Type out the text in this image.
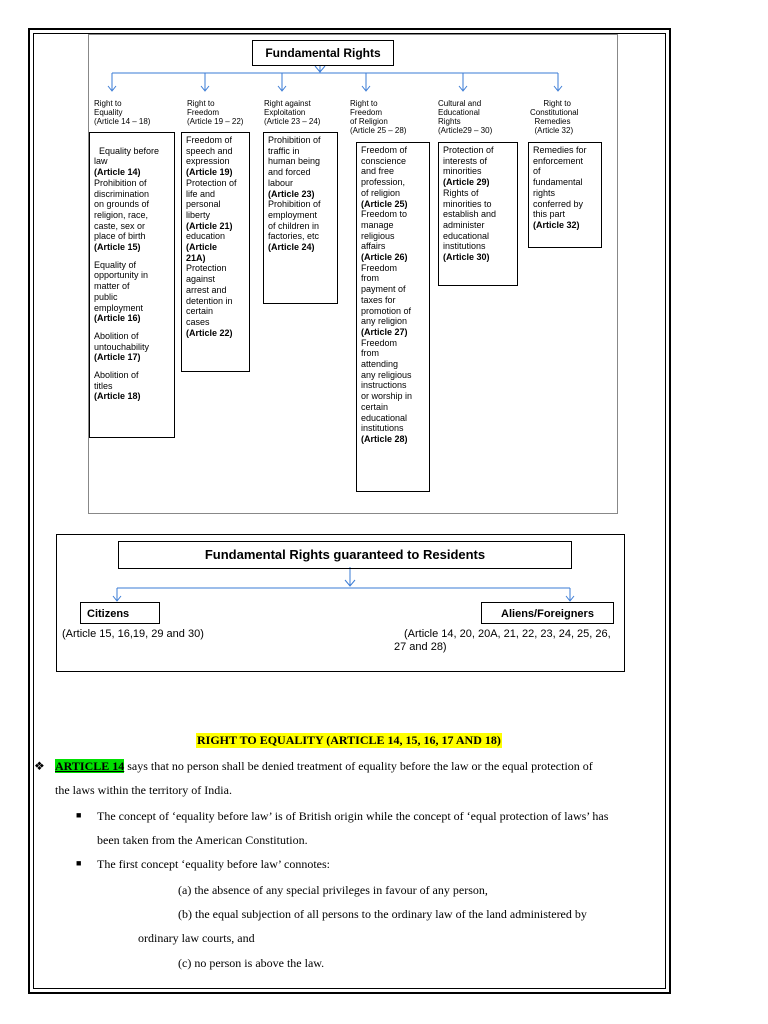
Fundamental Rights
Right to
Equality
(Article 14 – 18)
Right to
Freedom
(Article 19 – 22)
Right against
Exploitation
(Article 23 – 24)
Right to
Freedom
of Religion
(Article 25 – 28)
Cultural and
Educational
Rights
(Article29 – 30)
Right to
Constitutional
Remedies
(Article 32)

Equality before
law
(Article 14)
Prohibition of
discrimination
on grounds of
religion, race,
caste, sex or
place of birth
(Article 15)

Equality of
opportunity in
matter of
public
employment
(Article 16)

Abolition of
untouchability
(Article 17)

Abolition of
titles
(Article 18)
Freedom of
speech and
expression
(Article 19)
Protection of
life and
personal
liberty
(Article 21)
education
(Article
21A)
Protection
against
arrest and
detention in
certain
cases
(Article 22)
Prohibition of
traffic in
human being
and forced
labour
(Article 23)
Prohibition of
employment
of children in
factories, etc
(Article 24)
Freedom of
conscience
and free
profession,
of religion
(Article 25)
Freedom to
manage
religious
affairs
(Article 26)
Freedom
from
payment of
taxes for
promotion of
any religion
(Article 27)
Freedom
from
attending
any religious
instructions
or worship in
certain
educational
institutions
(Article 28)
Protection of
interests of
minorities
(Article 29)
Rights of
minorities to
establish and
administer
educational
institutions
(Article 30)
Remedies for
enforcement
of
fundamental
rights
conferred by
this part
(Article 32)
Fundamental Rights guaranteed to Residents
Citizens	Aliens/Foreigners
(Article 15, 16,19, 29 and 30)	(Article 14, 20, 20A, 21, 22, 23, 24, 25, 26, 27 and 28)
RIGHT TO EQUALITY (ARTICLE 14, 15, 16, 17 AND 18)
❖ ARTICLE 14 says that no person shall be denied treatment of equality before the law or the equal protection of
the laws within the territory of India.
■ The concept of ‘equality before law’ is of British origin while the concept of ‘equal protection of laws’ has
been taken from the American Constitution.
■ The first concept ‘equality before law’ connotes:
(a) the absence of any special privileges in favour of any person,
(b) the equal subjection of all persons to the ordinary law of the land administered by
ordinary law courts, and
(c) no person is above the law.
